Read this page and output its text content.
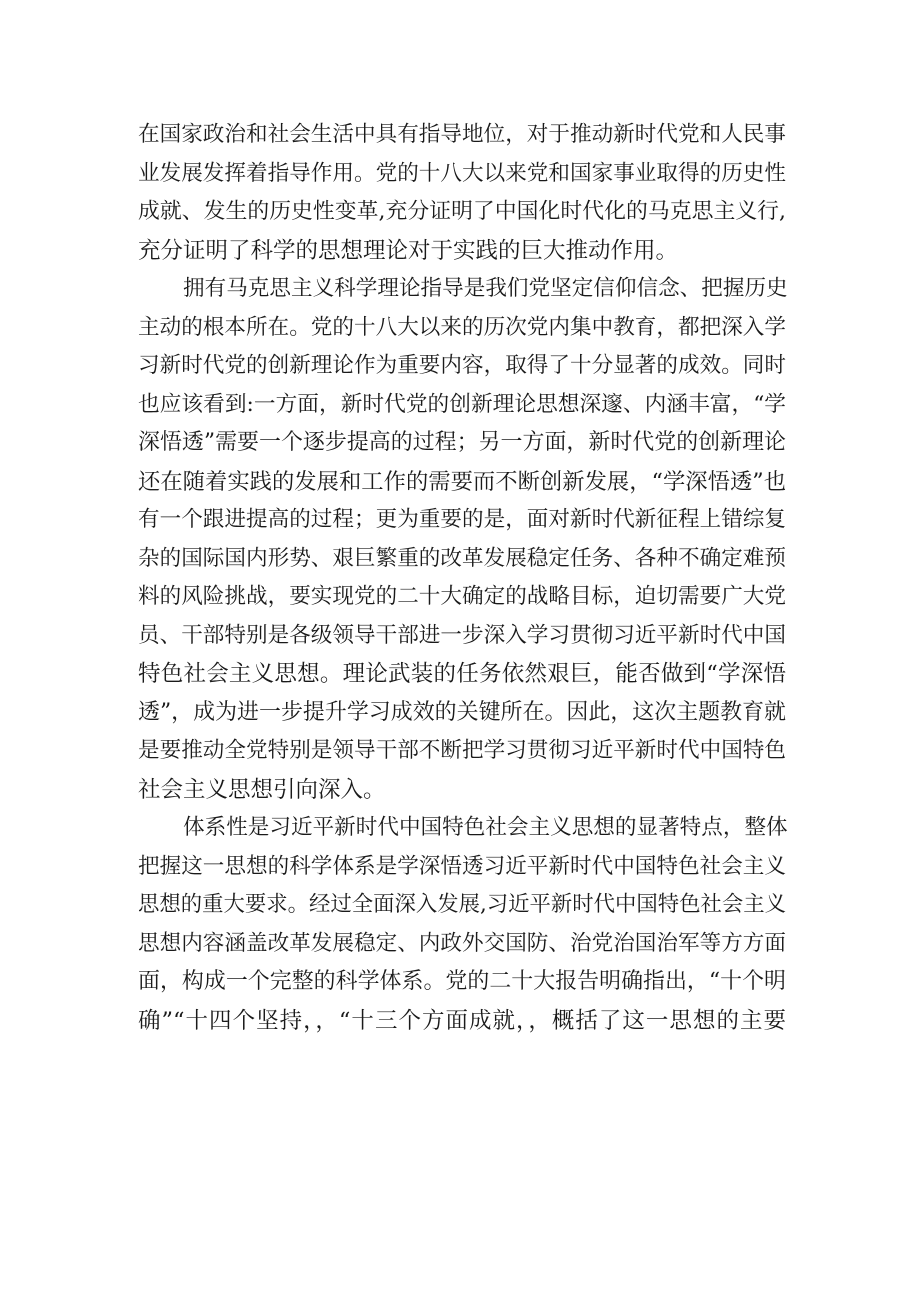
在国家政治和社会生活中具有指导地位，对于推动新时代党和人民事
业发展发挥着指导作用。党的十八大以来党和国家事业取得的历史性
成就、发生的历史性变革,充分证明了中国化时代化的马克思主义行,
充分证明了科学的思想理论对于实践的巨大推动作用。

拥有马克思主义科学理论指导是我们党坚定信仰信念、把握历史
主动的根本所在。党的十八大以来的历次党内集中教育，都把深入学
习新时代党的创新理论作为重要内容，取得了十分显著的成效。同时
也应该看到:一方面，新时代党的创新理论思想深邃、内涵丰富，“学
深悟透”需要一个逐步提高的过程；另一方面，新时代党的创新理论
还在随着实践的发展和工作的需要而不断创新发展，“学深悟透”也
有一个跟进提高的过程；更为重要的是，面对新时代新征程上错综复
杂的国际国内形势、艰巨繁重的改革发展稳定任务、各种不确定难预
料的风险挑战，要实现党的二十大确定的战略目标，迫切需要广大党
员、干部特别是各级领导干部进一步深入学习贯彻习近平新时代中国
特色社会主义思想。理论武装的任务依然艰巨，能否做到“学深悟
透”，成为进一步提升学习成效的关键所在。因此，这次主题教育就
是要推动全党特别是领导干部不断把学习贯彻习近平新时代中国特色
社会主义思想引向深入。

体系性是习近平新时代中国特色社会主义思想的显著特点，整体
把握这一思想的科学体系是学深悟透习近平新时代中国特色社会主义
思想的重大要求。经过全面深入发展,习近平新时代中国特色社会主义
思想内容涵盖改革发展稳定、内政外交国防、治党治国治军等方方面
面，构成一个完整的科学体系。党的二十大报告明确指出，“十个明
确”“十四个坚持，，“十三个方面成就，，概括了这一思想的主要
